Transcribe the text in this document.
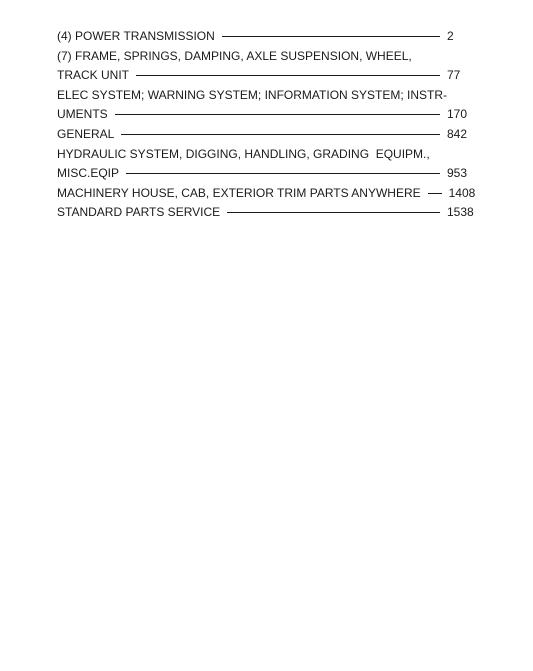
(4) POWER TRANSMISSION	2
(7) FRAME, SPRINGS, DAMPING, AXLE SUSPENSION, WHEEL,
TRACK UNIT	77
ELEC SYSTEM; WARNING SYSTEM; INFORMATION SYSTEM; INSTR-
UMENTS	170
GENERAL	842
HYDRAULIC SYSTEM, DIGGING, HANDLING, GRADING  EQUIPM.,
MISC.EQIP	953
MACHINERY HOUSE, CAB, EXTERIOR TRIM PARTS ANYWHERE 1408
STANDARD PARTS SERVICE	1538
